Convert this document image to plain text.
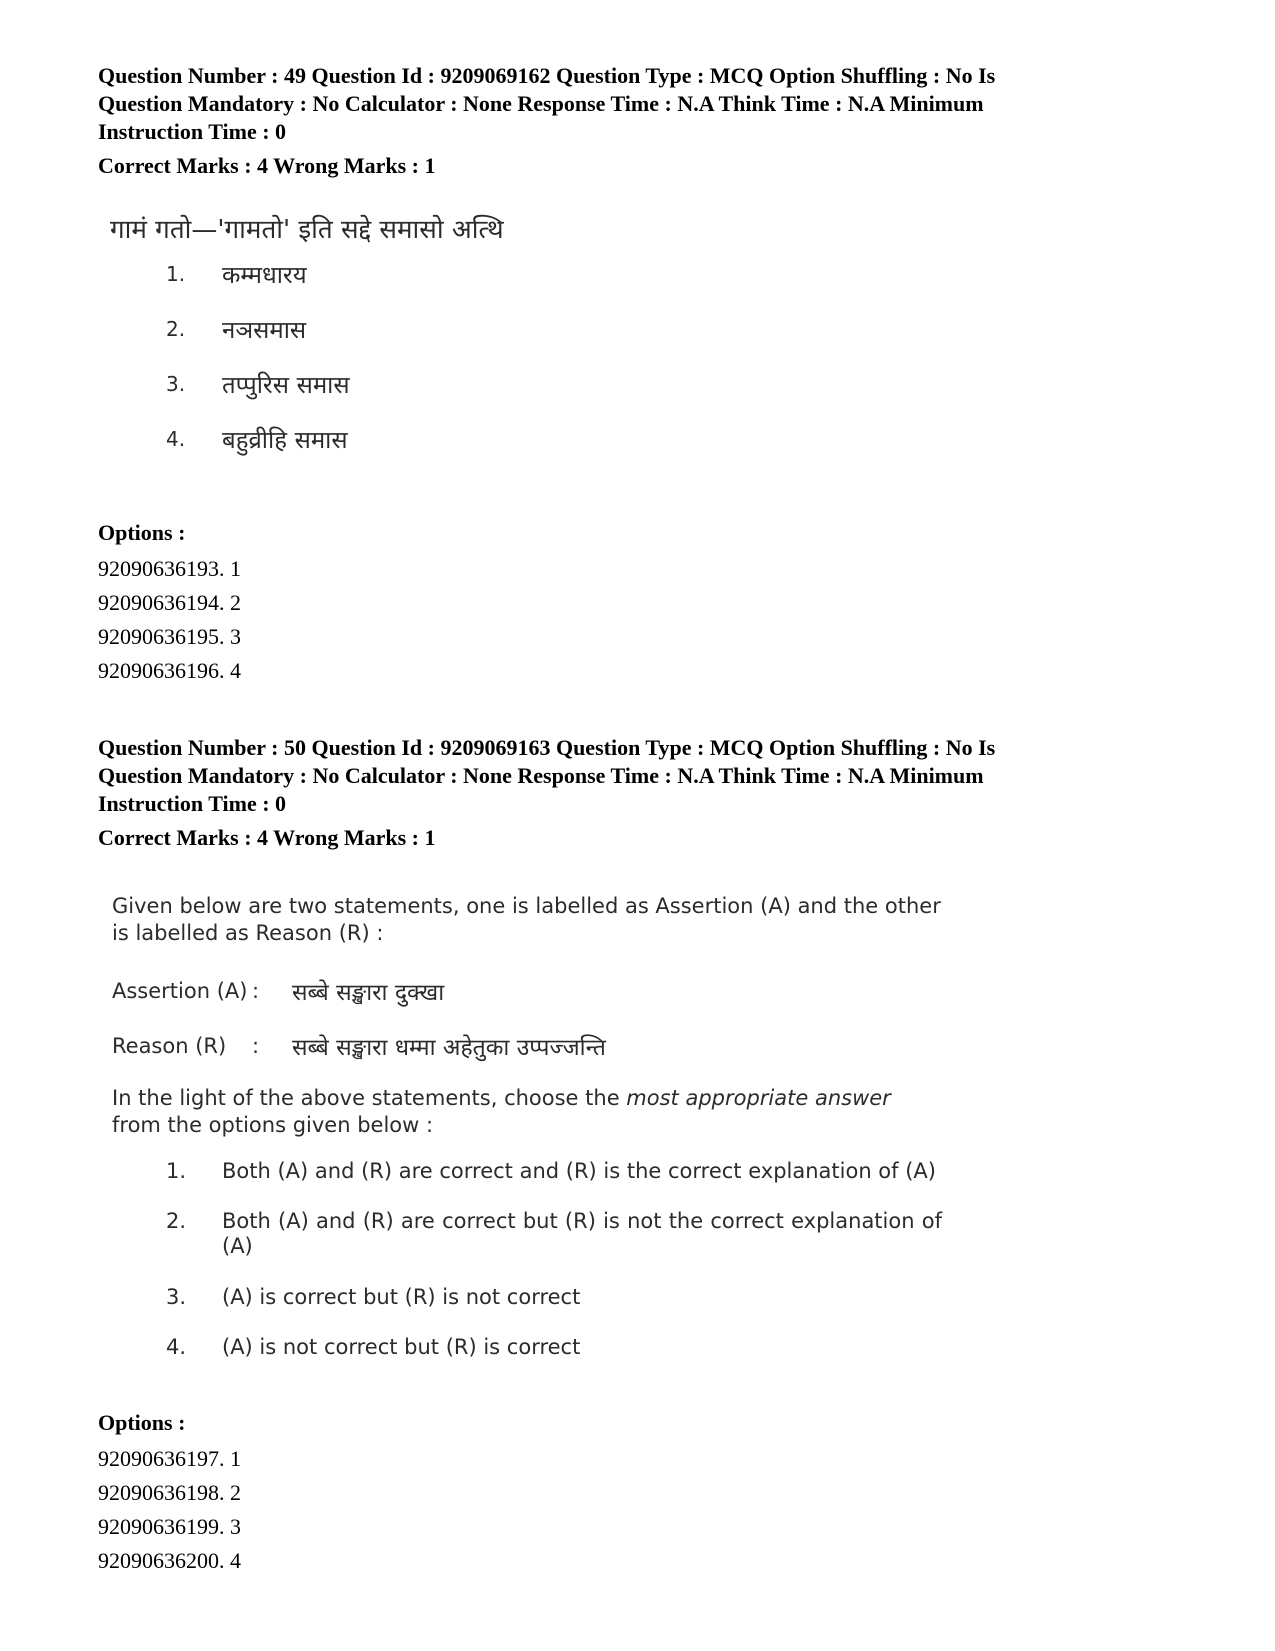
Question Number : 49 Question Id : 9209069162 Question Type : MCQ Option Shuffling : No Is

Question Mandatory : No Calculator : None Response Time : N.A Think Time : N.A Minimum

Instruction Time : 0

Correct Marks : 4 Wrong Marks : 1
गामं गतो—'गामतो' इति सद्दे समासो अत्थि
1.	कम्मधारय
2.	नञसमास
3.	तप्पुरिस समास
4.	बहुव्रीहि समास
Options :
92090636193. 1
92090636194. 2
92090636195. 3
92090636196. 4

Question Number : 50 Question Id : 9209069163 Question Type : MCQ Option Shuffling : No Is

Question Mandatory : No Calculator : None Response Time : N.A Think Time : N.A Minimum

Instruction Time : 0

Correct Marks : 4 Wrong Marks : 1
Given below are two statements, one is labelled as Assertion (A) and the other is labelled as Reason (R) :
Assertion (A) :	सब्बे सङ्खारा दुक्खा
Reason (R)	:	सब्बे सङ्खारा धम्मा अहेतुका उप्पज्जन्ति
In the light of the above statements, choose the most appropriate answer from the options given below :
1.	Both (A) and (R) are correct and (R) is the correct explanation of (A)
2.	Both (A) and (R) are correct but (R) is not the correct explanation of (A)
3.	(A) is correct but (R) is not correct
4.	(A) is not correct but (R) is correct
Options :
92090636197. 1
92090636198. 2
92090636199. 3
92090636200. 4
